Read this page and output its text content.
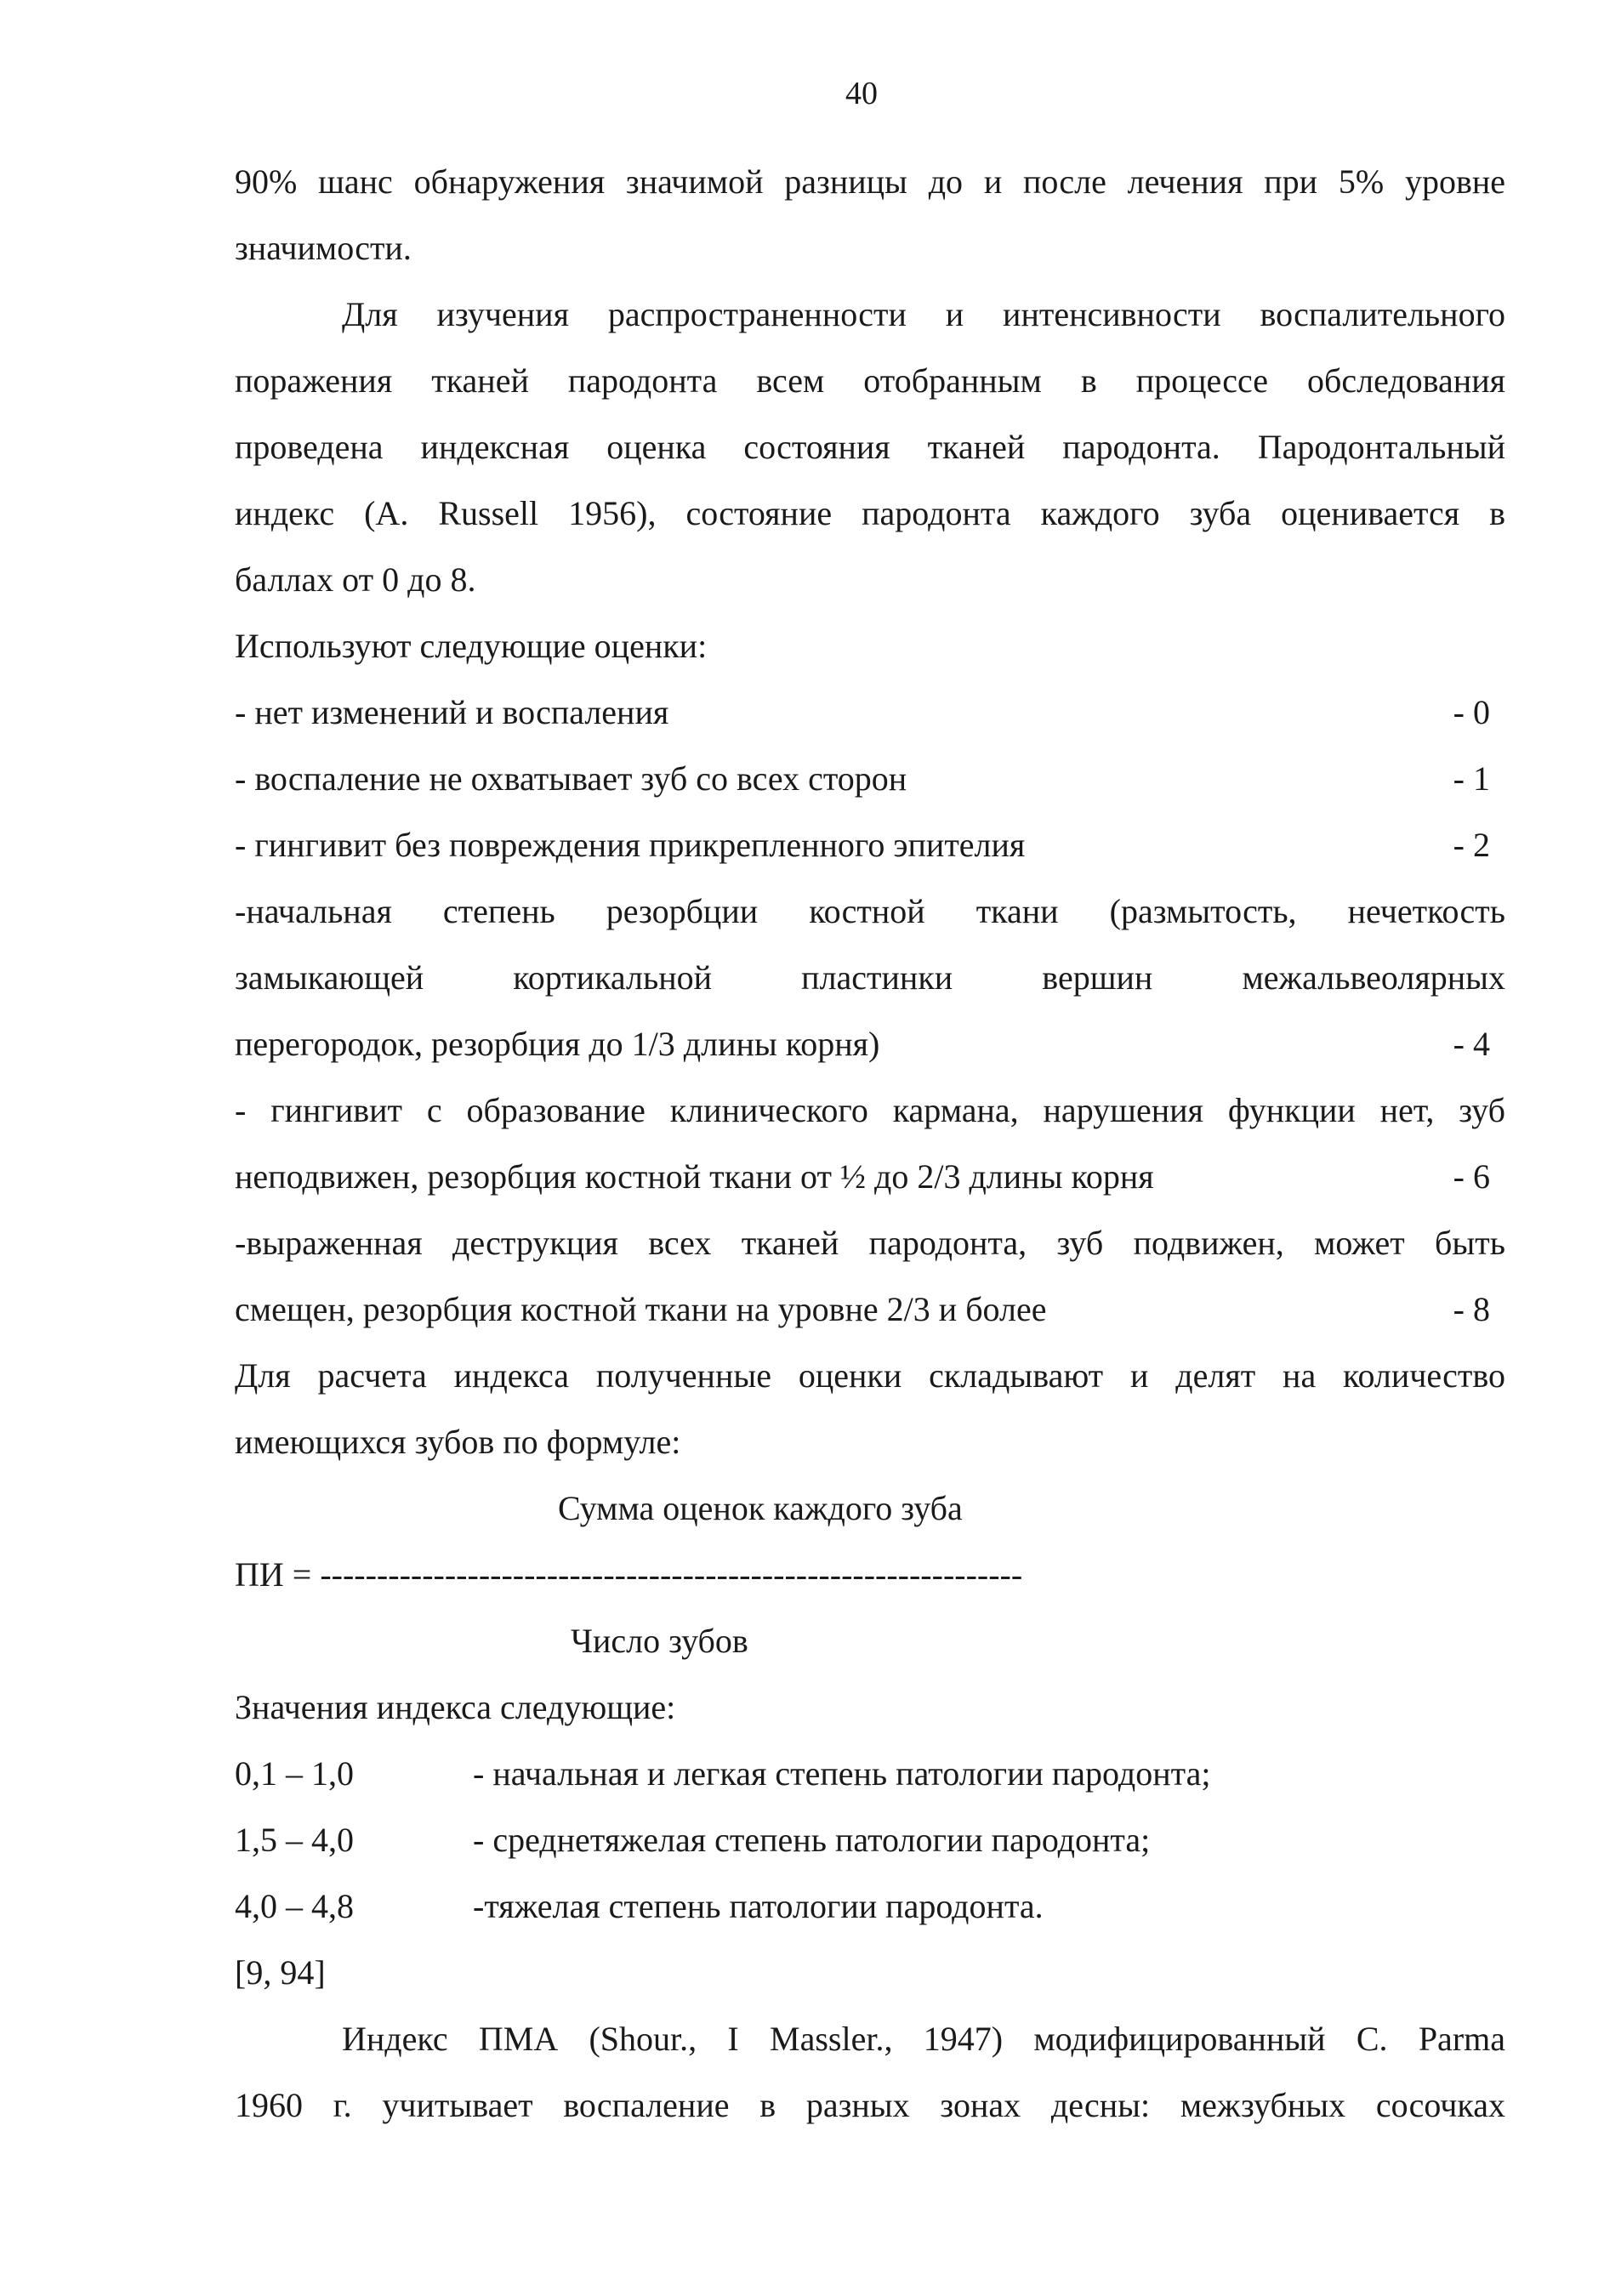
40
90% шанс обнаружения значимой разницы до и после лечения при 5% уровне
значимости.
Для изучения распространенности и интенсивности воспалительного
поражения тканей пародонта всем отобранным в процессе обследования
проведена индексная оценка состояния тканей пародонта. Пародонтальный
индекс (A. Russell 1956), состояние пародонта каждого зуба оценивается в
баллах от 0 до 8.
Используют следующие оценки:
- нет изменений и воспаления	- 0
- воспаление не охватывает зуб со всех сторон	- 1
- гингивит без повреждения прикрепленного эпителия	- 2
-начальная степень резорбции костной ткани (размытость, нечеткость
замыкающей кортикальной пластинки вершин межальвеолярных
перегородок, резорбция до 1/3 длины корня)	- 4
- гингивит с образование клинического кармана, нарушения функции нет, зуб
неподвижен, резорбция костной ткани от ½ до 2/3 длины корня	- 6
-выраженная деструкция всех тканей пародонта, зуб подвижен, может быть
смещен, резорбция костной ткани на уровне 2/3 и более	- 8
Для расчета индекса полученные оценки складывают и делят на количество
имеющихся зубов по формуле:
Сумма оценок каждого зуба
ПИ = --------------------------------------------------------------
Число зубов
Значения индекса следующие:
0,1 – 1,0	- начальная и легкая степень патологии пародонта;
1,5 – 4,0	- среднетяжелая степень патологии пародонта;
4,0 – 4,8	-тяжелая степень патологии пародонта.
[9, 94]
Индекс ПМА (Shour., I Massler., 1947) модифицированный C. Parma
1960 г. учитывает воспаление в разных зонах десны: межзубных сосочках
